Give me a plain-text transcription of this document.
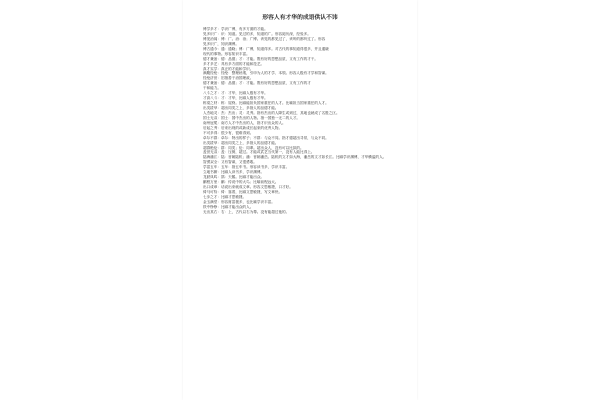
形容人有才华的成语供认不讳
博学多才：学识广博，有多方面的才能。
见多识广：识：知道。见过的多，知道的广。形容阅历深，经验多。
博见治闻：博：广。治：治；广博。该见的都见过了，该听的都听过了。形容
见多识广，知识渊博。
博古通今：通：通晓；博：广博，知道得多。对古代的事知道得很多，并且通晓
现代的事物。形容知识丰富。
德才兼备：德：品德；才：才能。既有好的思想品质，又有工作的才干。
多才多艺：具有多方面的才能和技艺。
真才实学：真正的才能和学识。
满腹经纶：经纶：整理丝缕，引申为人的才学、本领。形容人极有才学和智谋。
经纶济世：旧指善于治国理政。
德才兼备：德：品德；才：才能。既有好的思想品质，又有工作的才
干和能力。
八斗之才：才：才华，比喻人极有才华。
才高八斗：才：才华，比喻人极有才华。
栋梁之材：栋：屋脊。比喻能担负国家重任的人才。比喻担当国家重任的人才。
出类拔萃：超出同类之上，多指人的品德才能。
人杰地灵：杰：杰出；灵：灵秀。指有杰出的人降生或到过，其地也就成了名胜之区。
国士无双：国士：国中杰出的人物。指一国独一无二的人才。
南州冠冕：南方人才中杰出的人，指才识出众的人。
后起之秀：后来出现的或新成长起来的优秀人物。
不可多得：很少有，很难得到。
卓尔不群：卓尔：特出的样子；不群：与众不同。指才德超出寻常，与众不同。
出类拔萃：超出同类之上，多指人的品德才能。
超群绝伦：群：同类；伦：同辈。超出众人，没有可以比拟的。
盖世无双：盖：压倒，超过。才能或武艺当代第一，没有人能比得上。
陆海潘江：陆：晋朝陆机；潘：晋朝潘岳。陆机的文才如大海，潘岳的文才如长江。比喻学识渊博，才华横溢的人。
智勇双全：又有智谋，又很勇敢。
学富五车：五车：指五车书。形容读书多，学识丰富。
立地书橱：比喻人读书多，学识渊博。
龙跃凤鸣：鹄：天鹅。比喻才能出众。
鹏程万里：鹏：传说中的大鸟；比喻前程远大。
出口成章：话说出来就成文章。形容文思敏捷，口才好。
倚马可待：倚：靠着，比喻文思敏捷，写文章快。
七步之才：比喻才思敏捷。
金玉满堂：形容财富极多，也比喻学识丰富。
铁中铮铮：比喻才能出众的人。
无出其右：右：上，古代以右为尊。没有能超过他的。
